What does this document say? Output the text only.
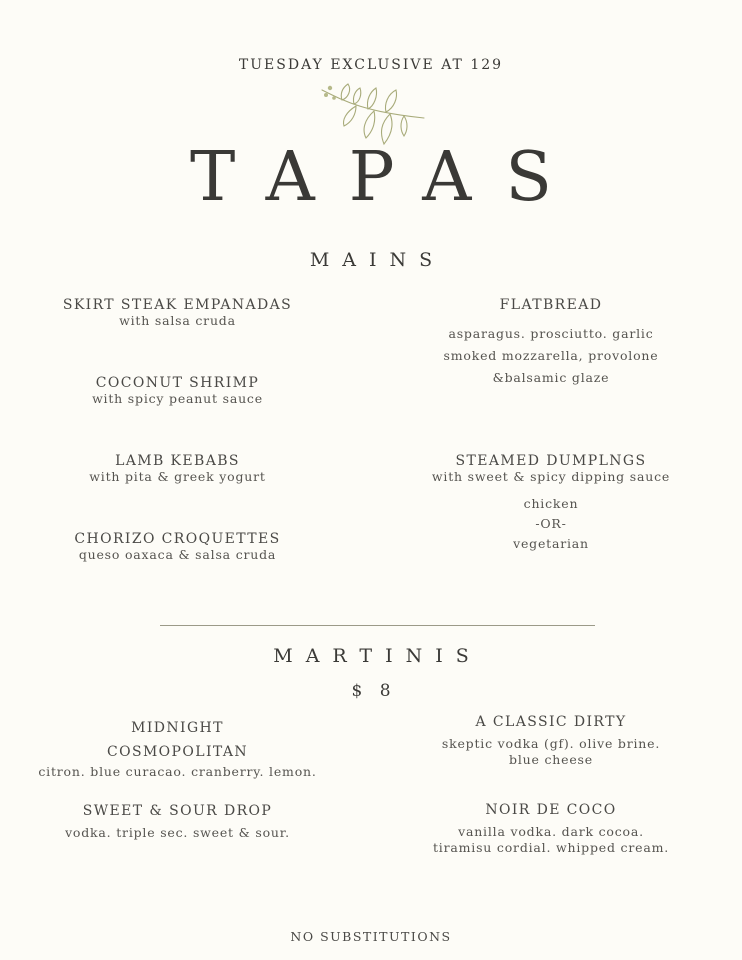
TUESDAY EXCLUSIVE AT 129
TAPAS
MAINS
SKIRT STEAK EMPANADAS
with salsa cruda
COCONUT SHRIMP
with spicy peanut sauce
LAMB KEBABS
with pita & greek yogurt
CHORIZO CROQUETTES
queso oaxaca & salsa cruda
FLATBREAD
asparagus. prosciutto. garlic
smoked mozzarella, provolone
&balsamic glaze
STEAMED DUMPLNGS
with sweet & spicy dipping sauce
chicken
-OR-
vegetarian
MARTINIS
$ 8
MIDNIGHT
COSMOPOLITAN
citron. blue curacao. cranberry. lemon.
SWEET & SOUR DROP
vodka. triple sec. sweet & sour.
A CLASSIC DIRTY
skeptic vodka (gf). olive brine.
blue cheese
NOIR DE COCO
vanilla vodka. dark cocoa.
tiramisu cordial. whipped cream.
NO SUBSTITUTIONS
